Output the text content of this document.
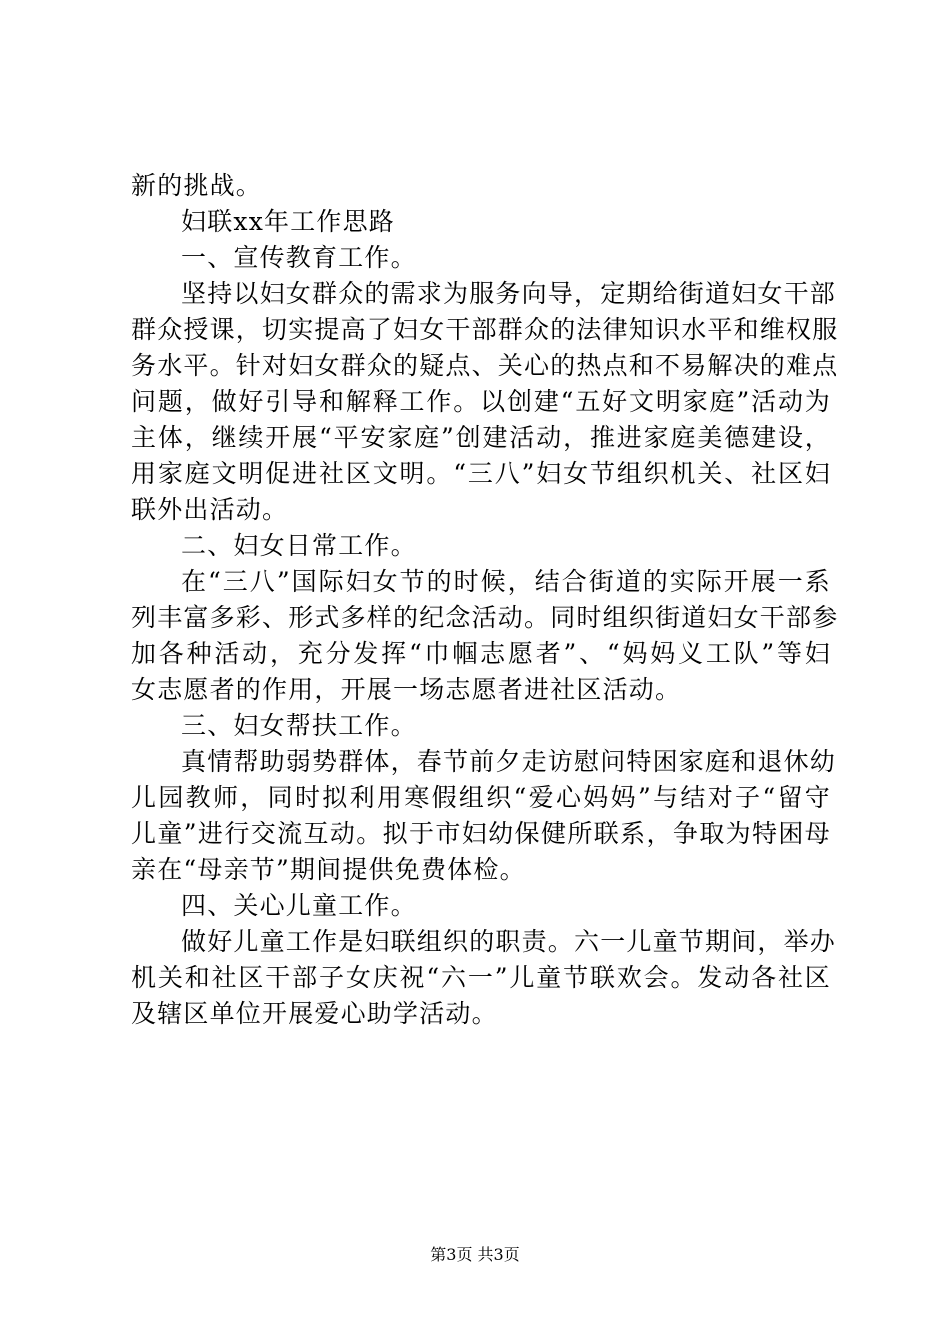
新的挑战。
妇联xx年工作思路
一、宣传教育工作。
坚持以妇女群众的需求为服务向导，定期给街道妇女干部
群众授课，切实提高了妇女干部群众的法律知识水平和维权服
务水平。针对妇女群众的疑点、关心的热点和不易解决的难点
问题，做好引导和解释工作。以创建“五好文明家庭”活动为
主体，继续开展“平安家庭”创建活动，推进家庭美德建设，
用家庭文明促进社区文明。“三八”妇女节组织机关、社区妇
联外出活动。
二、妇女日常工作。
在“三八”国际妇女节的时候，结合街道的实际开展一系
列丰富多彩、形式多样的纪念活动。同时组织街道妇女干部参
加各种活动，充分发挥“巾帼志愿者”、“妈妈义工队”等妇
女志愿者的作用，开展一场志愿者进社区活动。
三、妇女帮扶工作。
真情帮助弱势群体，春节前夕走访慰问特困家庭和退休幼
儿园教师，同时拟利用寒假组织“爱心妈妈”与结对子“留守
儿童”进行交流互动。拟于市妇幼保健所联系，争取为特困母
亲在“母亲节”期间提供免费体检。
四、关心儿童工作。
做好儿童工作是妇联组织的职责。六一儿童节期间，举办
机关和社区干部子女庆祝“六一”儿童节联欢会。发动各社区
及辖区单位开展爱心助学活动。
第3页 共3页
